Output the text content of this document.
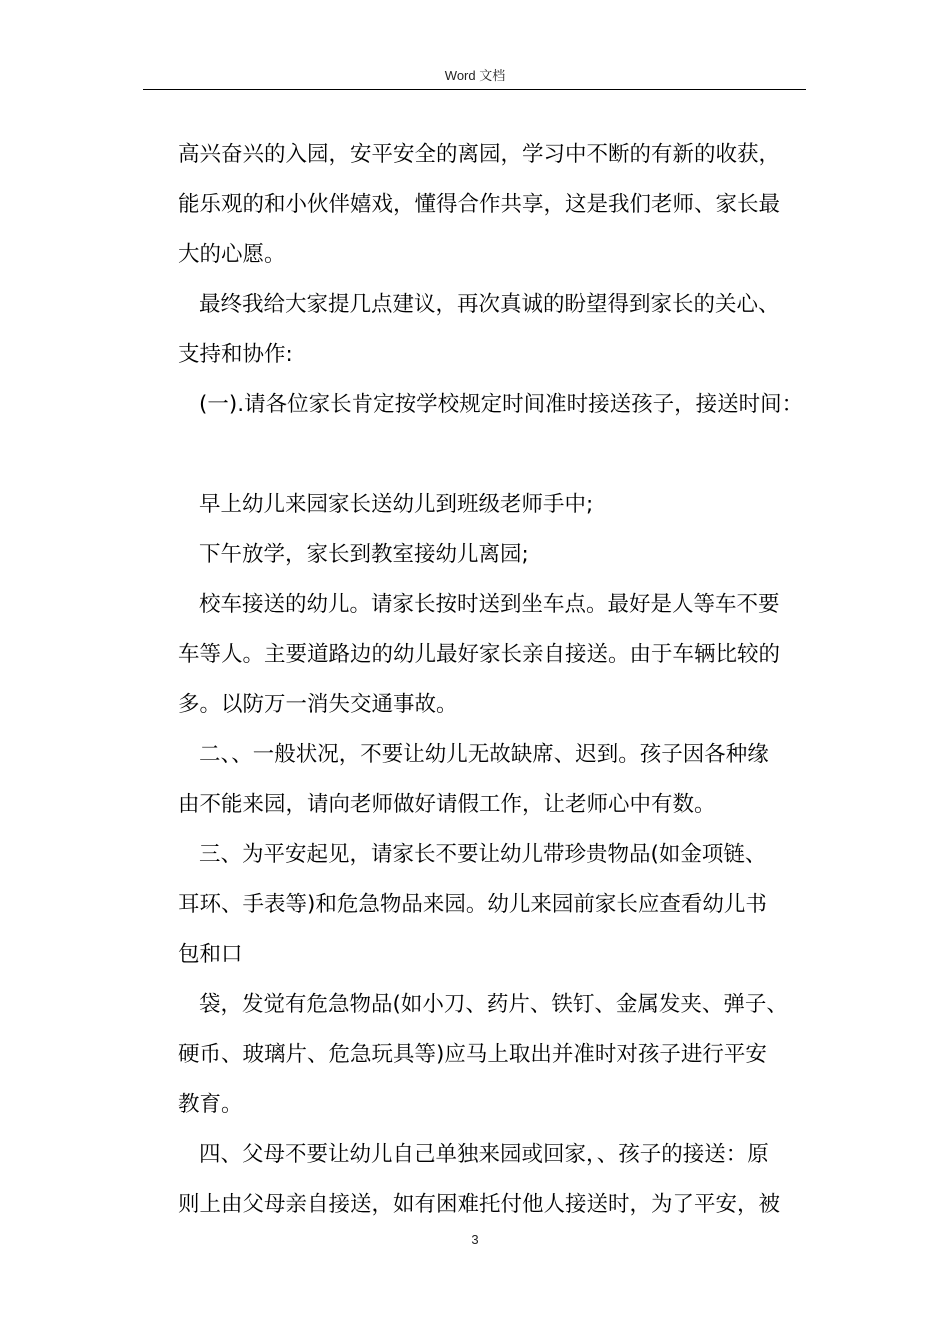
Word 文档
高兴奋兴的入园，安平安全的离园，学习中不断的有新的收获，
能乐观的和小伙伴嬉戏，懂得合作共享，这是我们老师、家长最
大的心愿。
最终我给大家提几点建议，再次真诚的盼望得到家长的关心、
支持和协作:
(一).请各位家长肯定按学校规定时间准时接送孩子，接送时间：
早上幼儿来园家长送幼儿到班级老师手中;
下午放学，家长到教室接幼儿离园;
校车接送的幼儿。请家长按时送到坐车点。最好是人等车不要
车等人。主要道路边的幼儿最好家长亲自接送。由于车辆比较的
多。以防万一消失交通事故。
二、、一般状况，不要让幼儿无故缺席、迟到。孩子因各种缘
由不能来园，请向老师做好请假工作，让老师心中有数。
三、为平安起见，请家长不要让幼儿带珍贵物品(如金项链、
耳环、手表等)和危急物品来园。幼儿来园前家长应查看幼儿书
包和口
袋，发觉有危急物品(如小刀、药片、铁钉、金属发夹、弹子、
硬币、玻璃片、危急玩具等)应马上取出并准时对孩子进行平安
教育。
四、父母不要让幼儿自己单独来园或回家，、孩子的接送：原
则上由父母亲自接送，如有困难托付他人接送时，为了平安，被
3
